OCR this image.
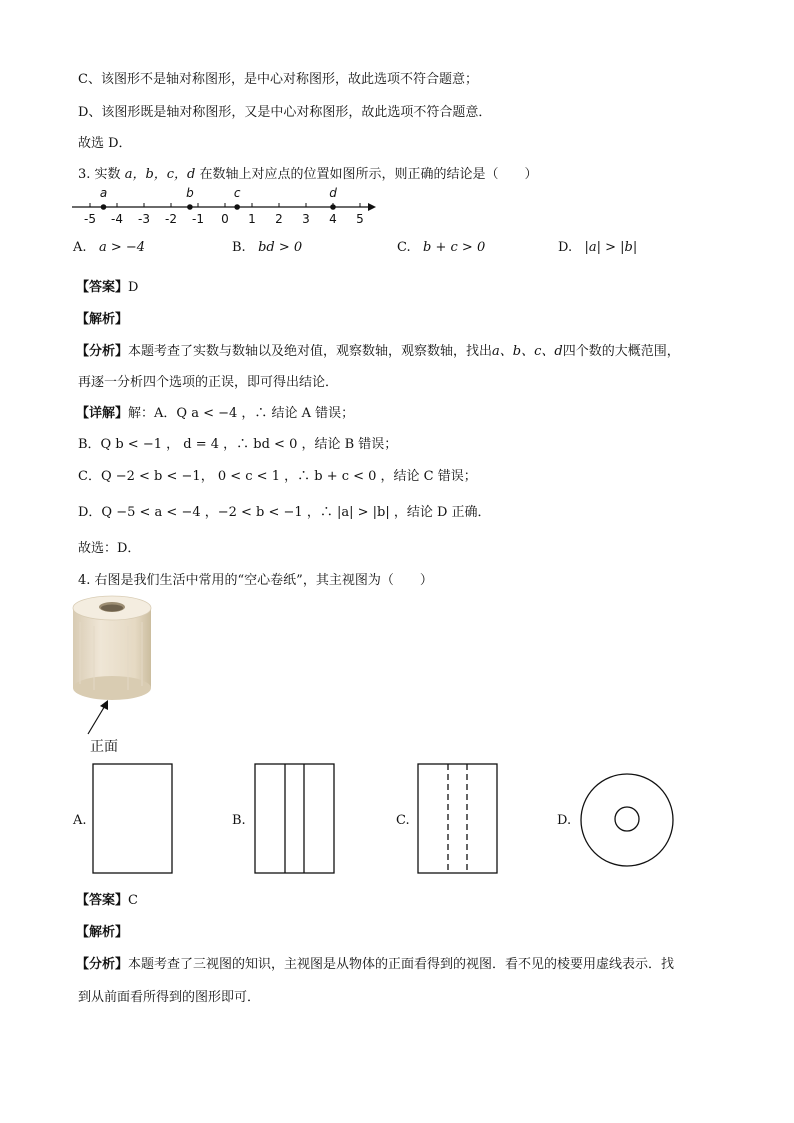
C、该图形不是轴对称图形，是中心对称图形，故此选项不符合题意；
D、该图形既是轴对称图形，又是中心对称图形，故此选项不符合题意．
故选 D．
3. 实数 a，b，c，d 在数轴上对应点的位置如图所示，则正确的结论是（　　）
-5 -4 -3 -2 -1 0 1 2 3 4 5
a	b	c	d
A. a > −4	B. bd > 0	C. b + c > 0	D. |a| > |b|
【答案】D
【解析】
【分析】本题考查了实数与数轴以及绝对值，观察数轴，观察数轴，找出a、b、c、d四个数的大概范围，
再逐一分析四个选项的正误，即可得出结论．
【详解】解：A．Q a < −4 ，∴ 结论 A 错误；
B．Q b < −1 ， d = 4 ，∴ bd < 0 ，结论 B 错误；
C．Q −2 < b < −1， 0 < c < 1 ，∴ b + c < 0 ，结论 C 错误；
D．Q −5 < a < −4 ，−2 < b < −1 ，∴ |a| > |b| ，结论 D 正确．
故选：D．
4. 右图是我们生活中常用的“空心卷纸”，其主视图为（　　）
正面
A.	B.	C.	D.
【答案】C
【解析】
【分析】本题考查了三视图的知识，主视图是从物体的正面看得到的视图．看不见的棱要用虚线表示．找
到从前面看所得到的图形即可．
